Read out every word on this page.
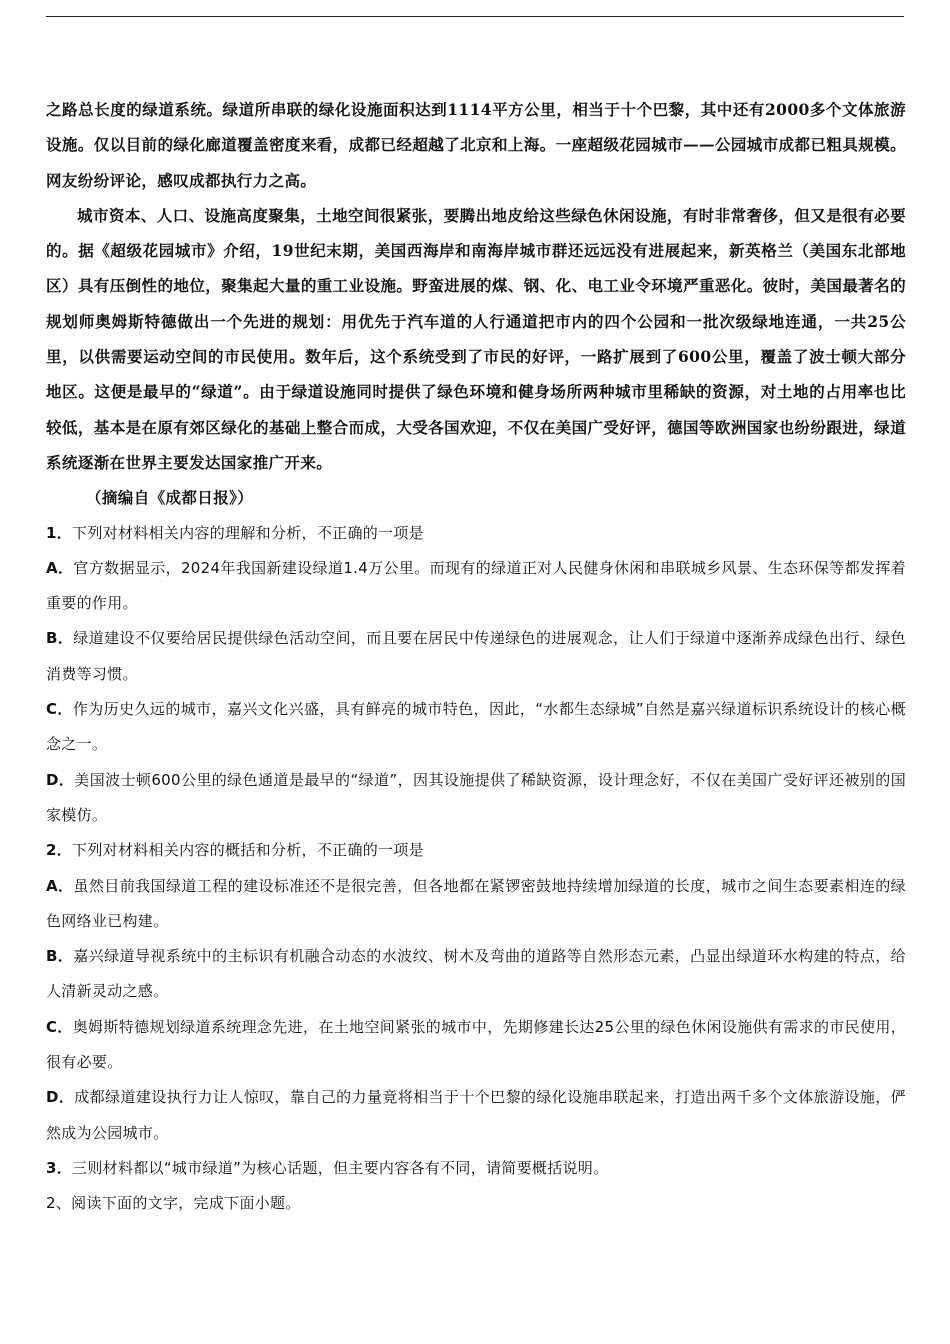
之路总长度的绿道系统。绿道所串联的绿化设施面积达到1114平方公里，相当于十个巴黎，其中还有2000多个文体旅游设施。仅以目前的绿化廊道覆盖密度来看，成都已经超越了北京和上海。一座超级花园城市——公园城市成都已粗具规模。网友纷纷评论，感叹成都执行力之高。

城市资本、人口、设施高度聚集，土地空间很紧张，要腾出地皮给这些绿色休闲设施，有时非常奢侈，但又是很有必要的。据《超级花园城市》介绍，19世纪末期，美国西海岸和南海岸城市群还远远没有进展起来，新英格兰（美国东北部地区）具有压倒性的地位，聚集起大量的重工业设施。野蛮进展的煤、钢、化、电工业令环境严重恶化。彼时，美国最著名的规划师奥姆斯特德做出一个先进的规划：用优先于汽车道的人行通道把市内的四个公园和一批次级绿地连通，一共25公里，以供需要运动空间的市民使用。数年后，这个系统受到了市民的好评，一路扩展到了600公里，覆盖了波士顿大部分地区。这便是最早的“绿道”。由于绿道设施同时提供了绿色环境和健身场所两种城市里稀缺的资源，对土地的占用率也比较低，基本是在原有郊区绿化的基础上整合而成，大受各国欢迎，不仅在美国广受好评，德国等欧洲国家也纷纷跟进，绿道系统逐渐在世界主要发达国家推广开来。

（摘编自《成都日报》）

1．下列对材料相关内容的理解和分析，不正确的一项是

A．官方数据显示，2024年我国新建设绿道1.4万公里。而现有的绿道正对人民健身休闲和串联城乡风景、生态环保等都发挥着重要的作用。

B．绿道建设不仅要给居民提供绿色活动空间，而且要在居民中传递绿色的进展观念，让人们于绿道中逐渐养成绿色出行、绿色消费等习惯。

C．作为历史久远的城市，嘉兴文化兴盛，具有鲜亮的城市特色，因此，“水都生态绿城”自然是嘉兴绿道标识系统设计的核心概念之一。

D．美国波士顿600公里的绿色通道是最早的“绿道”，因其设施提供了稀缺资源，设计理念好，不仅在美国广受好评还被别的国家模仿。

2．下列对材料相关内容的概括和分析，不正确的一项是

A．虽然目前我国绿道工程的建设标准还不是很完善，但各地都在紧锣密鼓地持续增加绿道的长度，城市之间生态要素相连的绿色网络业已构建。

B．嘉兴绿道导视系统中的主标识有机融合动态的水波纹、树木及弯曲的道路等自然形态元素，凸显出绿道环水构建的特点，给人清新灵动之感。

C．奥姆斯特德规划绿道系统理念先进，在土地空间紧张的城市中，先期修建长达25公里的绿色休闲设施供有需求的市民使用，很有必要。

D．成都绿道建设执行力让人惊叹，靠自己的力量竟将相当于十个巴黎的绿化设施串联起来，打造出两千多个文体旅游设施，俨然成为公园城市。

3．三则材料都以“城市绿道”为核心话题，但主要内容各有不同，请简要概括说明。

2、阅读下面的文字，完成下面小题。
